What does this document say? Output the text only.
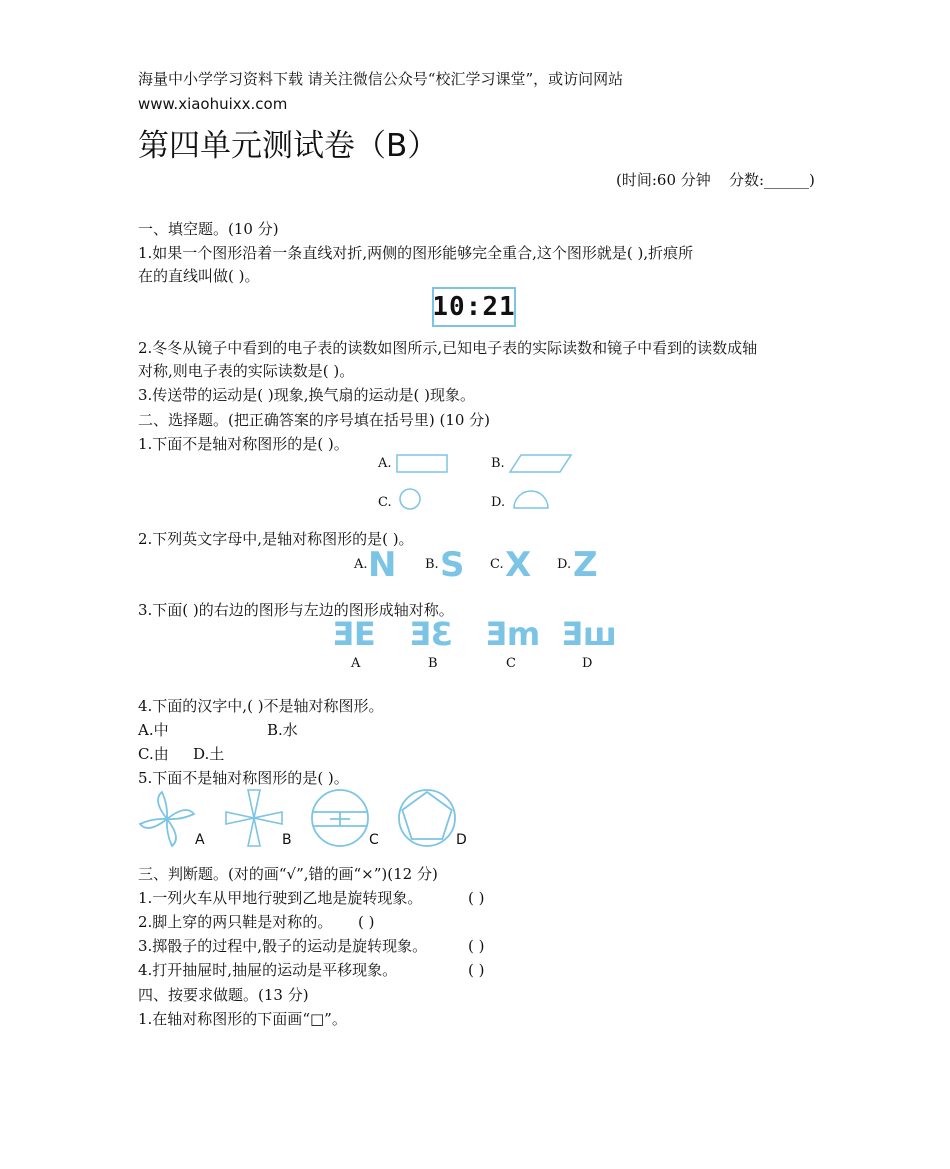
海量中小学学习资料下载 请关注微信公众号“校汇学习课堂”，或访问网站
www.xiaohuixx.com
第四单元测试卷（B）
(时间:60 分钟 分数:______)
一、填空题。(10 分)
1.如果一个图形沿着一条直线对折,两侧的图形能够完全重合,这个图形就是( ),折痕所
在的直线叫做( )。
10:21
2.冬冬从镜子中看到的电子表的读数如图所示,已知电子表的实际读数和镜子中看到的读数成轴
对称,则电子表的实际读数是( )。
3.传送带的运动是( )现象,换气扇的运动是( )现象。
二、选择题。(把正确答案的序号填在括号里) (10 分)
1.下面不是轴对称图形的是( )。
A.	B.
C.	D.
2.下列英文字母中,是轴对称图形的是( )。
A. N B. S C. X D. Z
3.下面( )的右边的图形与左边的图形成轴对称。
ƎE ƎƐ Ǝm Ǝш
A	B	C	D
4.下面的汉字中,( )不是轴对称图形。
A.中	B.水
C.由 D.土
5.下面不是轴对称图形的是( )。
A	B	C	D
三、判断题。(对的画“√”,错的画“×”)(12 分)
1.一列火车从甲地行驶到乙地是旋转现象。	( )
2.脚上穿的两只鞋是对称的。 ( )
3.掷骰子的过程中,骰子的运动是旋转现象。	( )
4.打开抽屉时,抽屉的运动是平移现象。	( )
四、按要求做题。(13 分)
1.在轴对称图形的下面画“□”。
